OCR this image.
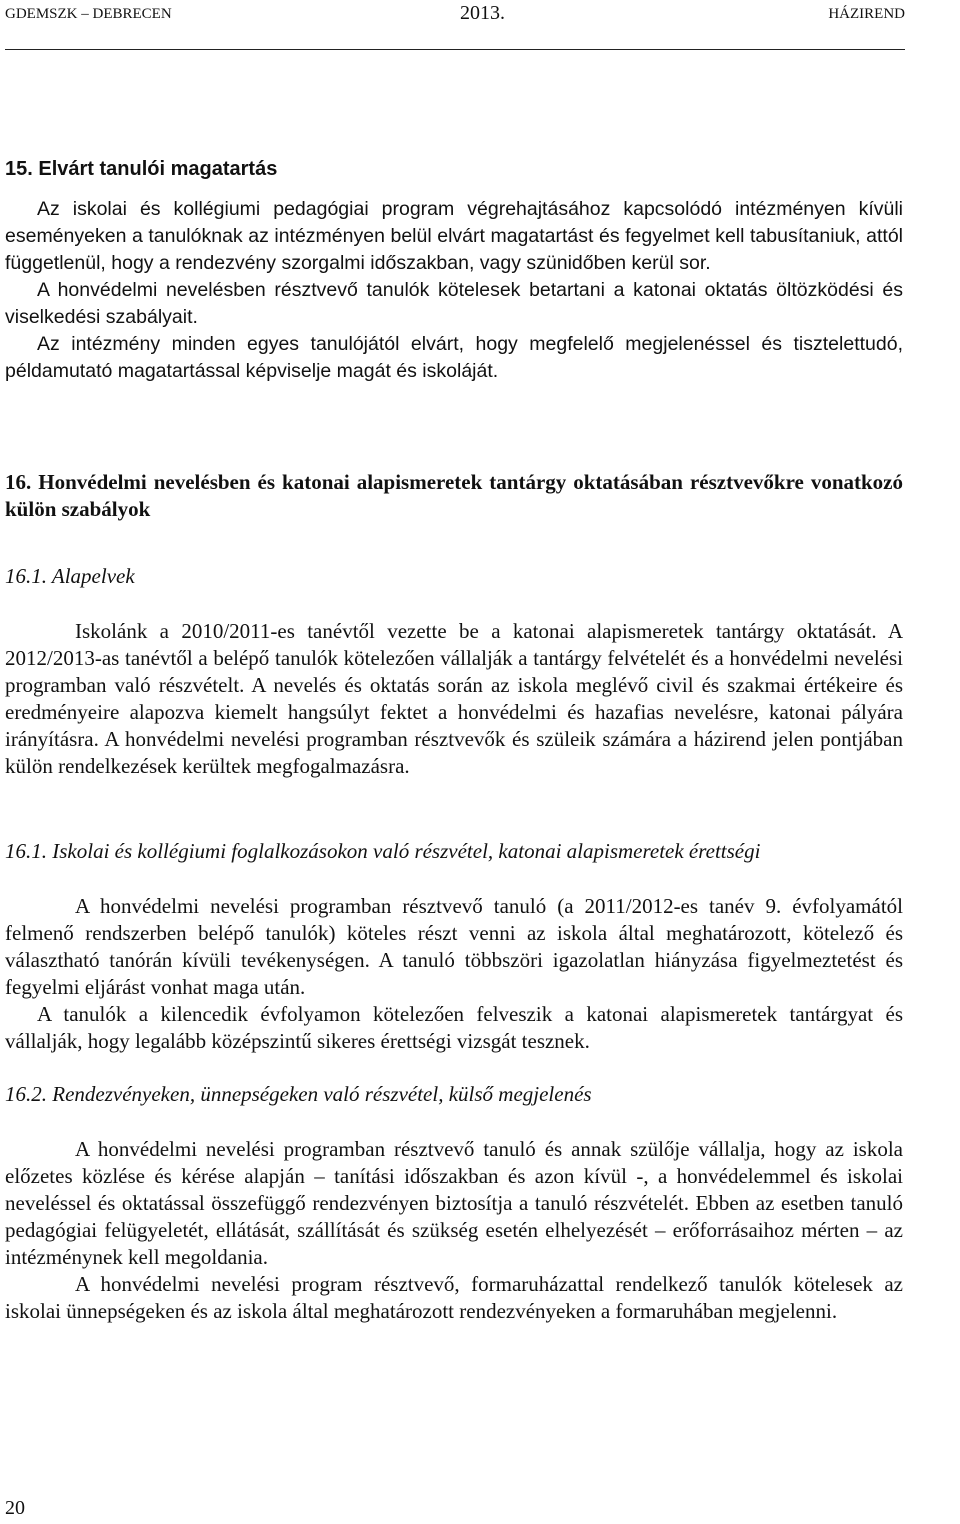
GDEMSZK – DEBRECEN	2013.	HÁZIREND

15. Elvárt tanulói magatartás

Az iskolai és kollégiumi pedagógiai program végrehajtásához kapcsolódó intézményen kívüli eseményeken a tanulóknak az intézményen belül elvárt magatartást és fegyelmet kell tabusítaniuk, attól függetlenül, hogy a rendezvény szorgalmi időszakban, vagy szünidőben kerül sor.

A honvédelmi nevelésben résztvevő tanulók kötelesek betartani a katonai oktatás öltözködési és viselkedési szabályait.

Az intézmény minden egyes tanulójától elvárt, hogy megfelelő megjelenéssel és tisztelettudó, példamutató magatartással képviselje magát és iskoláját.

16. Honvédelmi nevelésben és katonai alapismeretek tantárgy oktatásában résztvevőkre vonatkozó külön szabályok

16.1. Alapelvek

Iskolánk a 2010/2011-es tanévtől vezette be a katonai alapismeretek tantárgy oktatását. A 2012/2013-as tanévtől a belépő tanulók kötelezően vállalják a tantárgy felvételét és a honvédelmi nevelési programban való részvételt. A nevelés és oktatás során az iskola meglévő civil és szakmai értékeire és eredményeire alapozva kiemelt hangsúlyt fektet a honvédelmi és hazafias nevelésre, katonai pályára irányításra. A honvédelmi nevelési programban résztvevők és szüleik számára a házirend jelen pontjában külön rendelkezések kerültek megfogalmazásra.

16.1. Iskolai és kollégiumi foglalkozásokon való részvétel, katonai alapismeretek érettségi

A honvédelmi nevelési programban résztvevő tanuló (a 2011/2012-es tanév 9. évfolyamától felmenő rendszerben belépő tanulók) köteles részt venni az iskola által meghatározott, kötelező és választható tanórán kívüli tevékenységen. A tanuló többszöri igazolatlan hiányzása figyelmeztetést és fegyelmi eljárást vonhat maga után.

A tanulók a kilencedik évfolyamon kötelezően felveszik a katonai alapismeretek tantárgyat és vállalják, hogy legalább középszintű sikeres érettségi vizsgát tesznek.

16.2. Rendezvényeken, ünnepségeken való részvétel, külső megjelenés

A honvédelmi nevelési programban résztvevő tanuló és annak szülője vállalja, hogy az iskola előzetes közlése és kérése alapján – tanítási időszakban és azon kívül -, a honvédelemmel és iskolai neveléssel és oktatással összefüggő rendezvényen biztosítja a tanuló részvételét. Ebben az esetben tanuló pedagógiai felügyeletét, ellátását, szállítását és szükség esetén elhelyezését – erőforrásaihoz mérten – az intézménynek kell megoldania.

A honvédelmi nevelési program résztvevő, formaruházattal rendelkező tanulók kötelesek az iskolai ünnepségeken és az iskola által meghatározott rendezvényeken a formaruhában megjelenni.

20
